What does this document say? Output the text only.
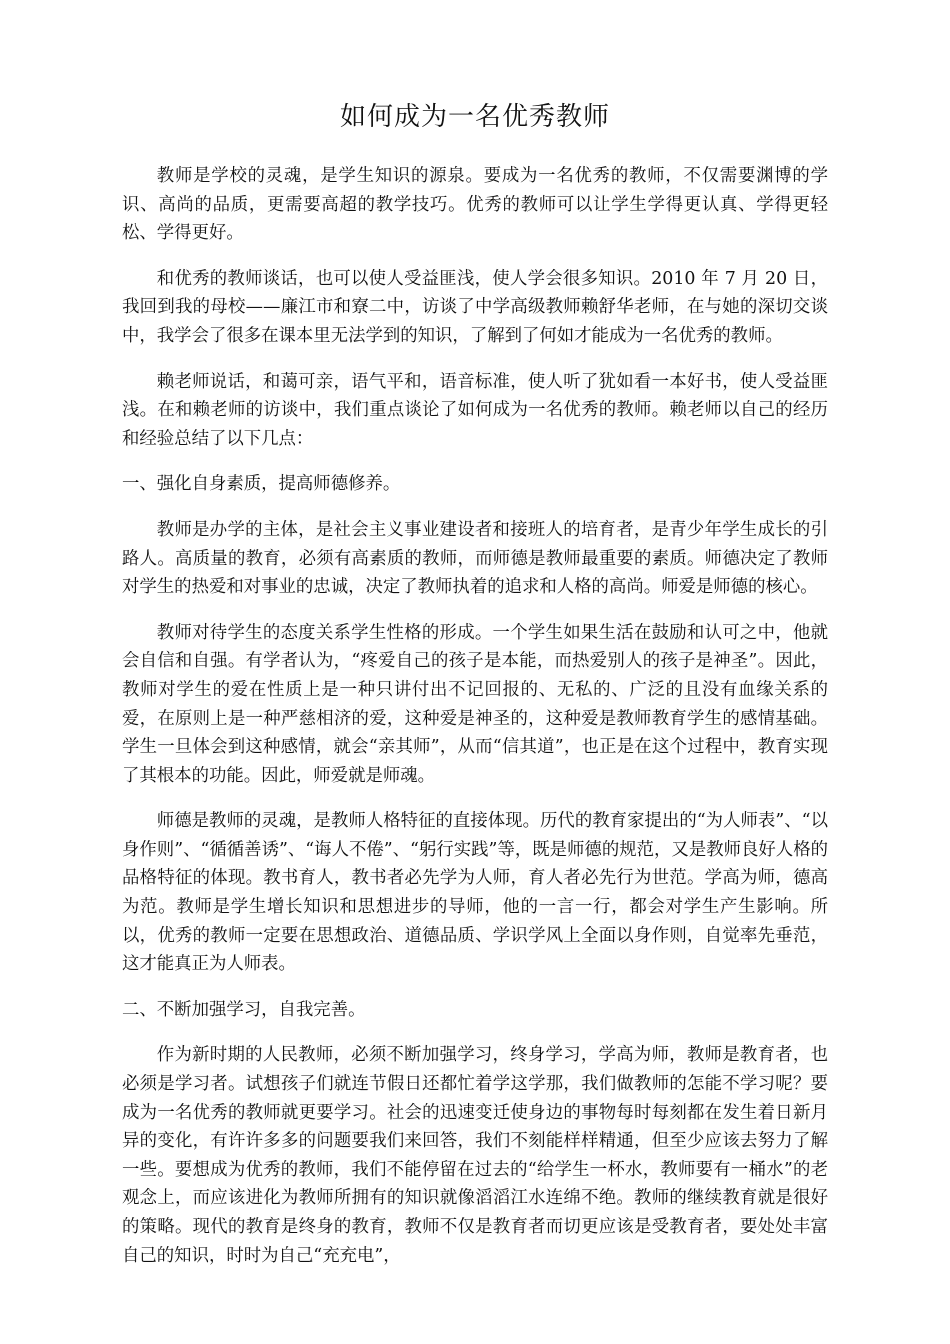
如何成为一名优秀教师

教师是学校的灵魂，是学生知识的源泉。要成为一名优秀的教师，不仅需要渊博的学识、高尚的品质，更需要高超的教学技巧。优秀的教师可以让学生学得更认真、学得更轻松、学得更好。

和优秀的教师谈话，也可以使人受益匪浅，使人学会很多知识。2010 年 7 月 20 日，我回到我的母校——廉江市和寮二中，访谈了中学高级教师赖舒华老师，在与她的深切交谈中，我学会了很多在课本里无法学到的知识，了解到了何如才能成为一名优秀的教师。

赖老师说话，和蔼可亲，语气平和，语音标准，使人听了犹如看一本好书，使人受益匪浅。在和赖老师的访谈中，我们重点谈论了如何成为一名优秀的教师。赖老师以自己的经历和经验总结了以下几点：

一、强化自身素质，提高师德修养。

教师是办学的主体，是社会主义事业建设者和接班人的培育者，是青少年学生成长的引路人。高质量的教育，必须有高素质的教师，而师德是教师最重要的素质。师德决定了教师对学生的热爱和对事业的忠诚，决定了教师执着的追求和人格的高尚。师爱是师德的核心。

教师对待学生的态度关系学生性格的形成。一个学生如果生活在鼓励和认可之中，他就会自信和自强。有学者认为，“疼爱自己的孩子是本能，而热爱别人的孩子是神圣”。因此，教师对学生的爱在性质上是一种只讲付出不记回报的、无私的、广泛的且没有血缘关系的爱，在原则上是一种严慈相济的爱，这种爱是神圣的，这种爱是教师教育学生的感情基础。学生一旦体会到这种感情，就会“亲其师”，从而“信其道”，也正是在这个过程中，教育实现了其根本的功能。因此，师爱就是师魂。

师德是教师的灵魂，是教师人格特征的直接体现。历代的教育家提出的“为人师表”、“以身作则”、“循循善诱”、“诲人不倦”、“躬行实践”等，既是师德的规范，又是教师良好人格的品格特征的体现。教书育人，教书者必先学为人师，育人者必先行为世范。学高为师，德高为范。教师是学生增长知识和思想进步的导师，他的一言一行，都会对学生产生影响。所以，优秀的教师一定要在思想政治、道德品质、学识学风上全面以身作则，自觉率先垂范，这才能真正为人师表。

二、不断加强学习，自我完善。

作为新时期的人民教师，必须不断加强学习，终身学习，学高为师，教师是教育者，也必须是学习者。试想孩子们就连节假日还都忙着学这学那，我们做教师的怎能不学习呢？要成为一名优秀的教师就更要学习。社会的迅速变迁使身边的事物每时每刻都在发生着日新月异的变化，有许许多多的问题要我们来回答，我们不刻能样样精通，但至少应该去努力了解一些。要想成为优秀的教师，我们不能停留在过去的“给学生一杯水，教师要有一桶水”的老观念上，而应该进化为教师所拥有的知识就像滔滔江水连绵不绝。教师的继续教育就是很好的策略。现代的教育是终身的教育，教师不仅是教育者而切更应该是受教育者，要处处丰富自己的知识，时时为自己“充充电”，
